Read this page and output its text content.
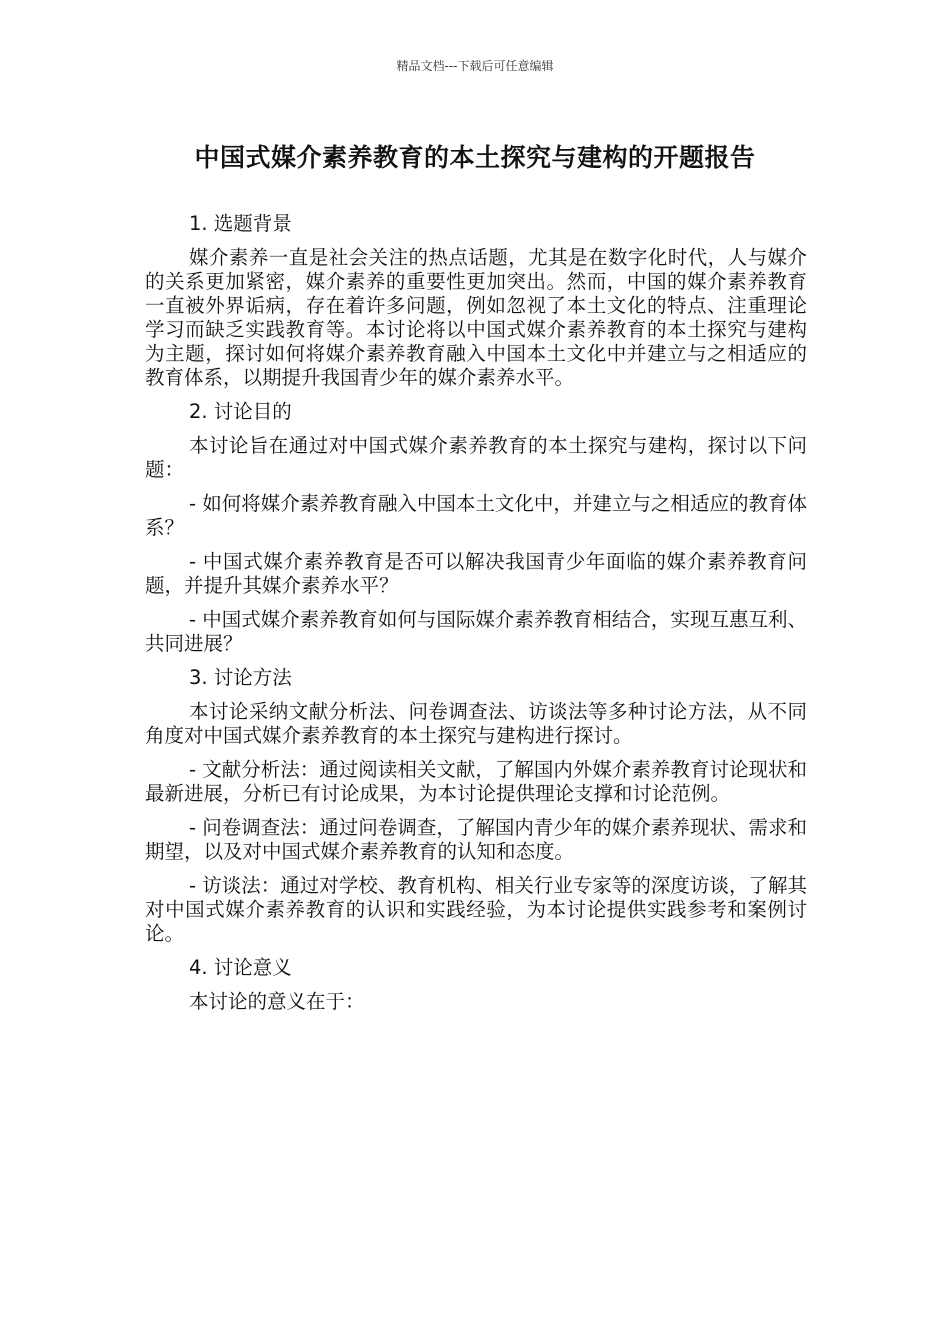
精品文档---下载后可任意编辑
中国式媒介素养教育的本土探究与建构的开题报告
1. 选题背景
媒介素养一直是社会关注的热点话题，尤其是在数字化时代，人与媒介的关系更加紧密，媒介素养的重要性更加突出。然而，中国的媒介素养教育一直被外界诟病，存在着许多问题，例如忽视了本土文化的特点、注重理论学习而缺乏实践教育等。本讨论将以中国式媒介素养教育的本土探究与建构为主题，探讨如何将媒介素养教育融入中国本土文化中并建立与之相适应的教育体系，以期提升我国青少年的媒介素养水平。
2. 讨论目的
本讨论旨在通过对中国式媒介素养教育的本土探究与建构，探讨以下问题：
- 如何将媒介素养教育融入中国本土文化中，并建立与之相适应的教育体系？
- 中国式媒介素养教育是否可以解决我国青少年面临的媒介素养教育问题，并提升其媒介素养水平？
- 中国式媒介素养教育如何与国际媒介素养教育相结合，实现互惠互利、共同进展？
3. 讨论方法
本讨论采纳文献分析法、问卷调查法、访谈法等多种讨论方法，从不同角度对中国式媒介素养教育的本土探究与建构进行探讨。
- 文献分析法：通过阅读相关文献，了解国内外媒介素养教育讨论现状和最新进展，分析已有讨论成果，为本讨论提供理论支撑和讨论范例。
- 问卷调查法：通过问卷调查，了解国内青少年的媒介素养现状、需求和期望，以及对中国式媒介素养教育的认知和态度。
- 访谈法：通过对学校、教育机构、相关行业专家等的深度访谈，了解其对中国式媒介素养教育的认识和实践经验，为本讨论提供实践参考和案例讨论。
4. 讨论意义
本讨论的意义在于：
